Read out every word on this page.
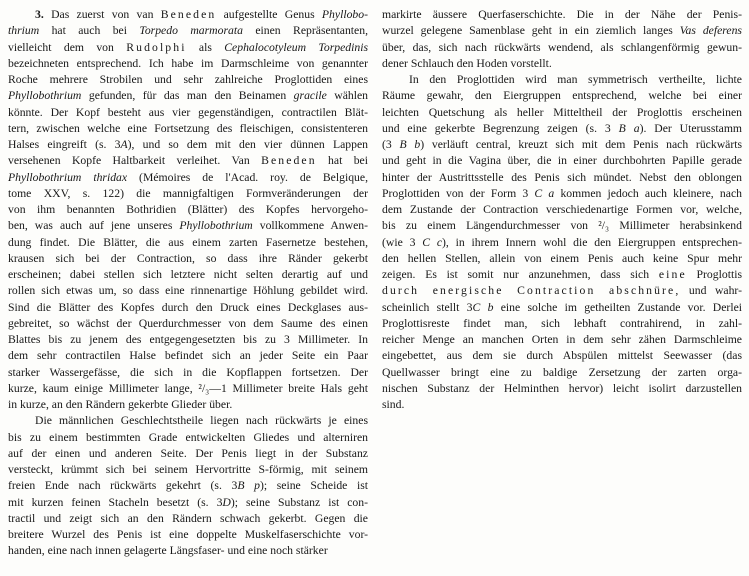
3. Das zuerst von van Beneden aufgestellte Genus Phyllobo-
thrium hat auch bei Torpedo marmorata einen Repräsentanten,
vielleicht dem von Rudolphi als Cephalocotyleum Torpedinis
bezeichneten entsprechend. Ich habe im Darmschleime von genannter
Roche mehrere Strobilen und sehr zahlreiche Proglottiden eines
Phyllobothrium gefunden, für das man den Beinamen gracile wählen
könnte. Der Kopf besteht aus vier gegenständigen, contractilen Blät-
tern, zwischen welche eine Fortsetzung des fleischigen, consistenteren
Halses eingreift (s. 3A), und so dem mit den vier dünnen Lappen
versehenen Kopfe Haltbarkeit verleihet. Van Beneden hat bei
Phyllobothrium thridax (Mémoires de l'Acad. roy. de Belgique,
tome XXV, s. 122) die mannigfaltigen Formveränderungen der
von ihm benannten Bothridien (Blätter) des Kopfes hervorgeho-
ben, was auch auf jene unseres Phyllobothrium vollkommene Anwen-
dung findet. Die Blätter, die aus einem zarten Fasernetze bestehen,
krausen sich bei der Contraction, so dass ihre Ränder gekerbt
erscheinen; dabei stellen sich letztere nicht selten derartig auf und
rollen sich etwas um, so dass eine rinnenartige Höhlung gebildet wird.
Sind die Blätter des Kopfes durch den Druck eines Deckglases aus-
gebreitet, so wächst der Querdurchmesser von dem Saume des einen
Blattes bis zu jenem des entgegengesetzten bis zu 3 Millimeter. In
dem sehr contractilen Halse befindet sich an jeder Seite ein Paar
starker Wassergefässe, die sich in die Kopflappen fortsetzen. Der
kurze, kaum einige Millimeter lange, ²/₃—1 Millimeter breite Hals geht
in kurze, an den Rändern gekerbte Glieder über.
Die männlichen Geschlechtstheile liegen nach rückwärts je eines
bis zu einem bestimmten Grade entwickelten Gliedes und alterniren
auf der einen und anderen Seite. Der Penis liegt in der Substanz
versteckt, krümmt sich bei seinem Hervortritte S-förmig, mit seinem
freien Ende nach rückwärts gekehrt (s. 3B p); seine Scheide ist
mit kurzen feinen Stacheln besetzt (s. 3D); seine Substanz ist con-
tractil und zeigt sich an den Rändern schwach gekerbt. Gegen die
breitere Wurzel des Penis ist eine doppelte Muskelfaserschichte vor-
handen, eine nach innen gelagerte Längsfaser- und eine noch stärker
markirte äussere Querfaserschichte. Die in der Nähe der Penis-
wurzel gelegene Samenblase geht in ein ziemlich langes Vas deferens
über, das, sich nach rückwärts wendend, als schlangenförmig gewun-
dener Schlauch den Hoden vorstellt.
In den Proglottiden wird man symmetrisch vertheilte, lichte
Räume gewahr, den Eiergruppen entsprechend, welche bei einer
leichten Quetschung als heller Mitteltheil der Proglottis erscheinen
und eine gekerbte Begrenzung zeigen (s. 3 B a). Der Uterusstamm
(3 B b) verläuft central, kreuzt sich mit dem Penis nach rückwärts
und geht in die Vagina über, die in einer durchbohrten Papille gerade
hinter der Austrittsstelle des Penis sich mündet. Nebst den oblongen
Proglottiden von der Form 3 C a kommen jedoch auch kleinere, nach
dem Zustande der Contraction verschiedenartige Formen vor, welche,
bis zu einem Längendurchmesser von ²/₃ Millimeter herabsinkend
(wie 3 C c), in ihrem Innern wohl die den Eiergruppen entsprechen-
den hellen Stellen, allein von einem Penis auch keine Spur mehr
zeigen. Es ist somit nur anzunehmen, dass sich eine Proglottis
durch energische Contraction abschnüre, und wahr-
scheinlich stellt 3C b eine solche im getheilten Zustande vor. Derlei
Proglottisreste findet man, sich lebhaft contrahirend, in zahl-
reicher Menge an manchen Orten in dem sehr zähen Darmschleime
eingebettet, aus dem sie durch Abspülen mittelst Seewasser (das
Quellwasser bringt eine zu baldige Zersetzung der zarten orga-
nischen Substanz der Helminthen hervor) leicht isolirt darzustellen
sind.
